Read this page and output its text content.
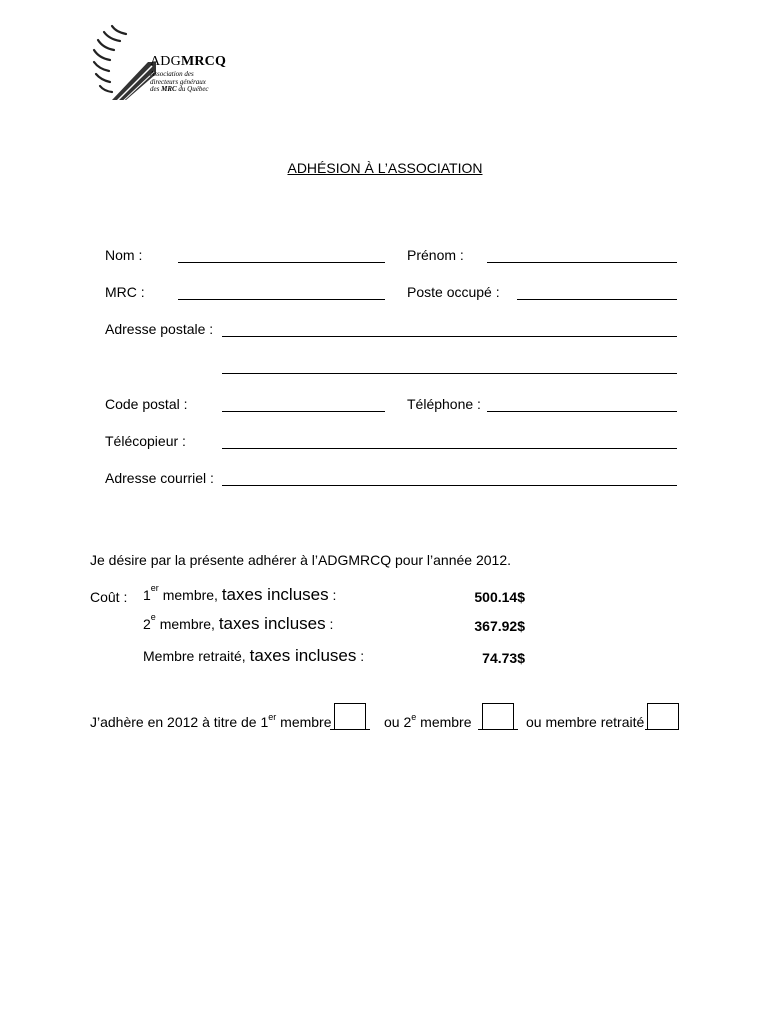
ADGMRCQ
Association des
directeurs généraux
des MRC du Québec
ADHÉSION À L’ASSOCIATION
Nom :	Prénom :
MRC :	Poste occupé :
Adresse postale :
Code postal :	Téléphone :
Télécopieur :
Adresse courriel :
Je désire par la présente adhérer à l’ADGMRCQ pour l’année 2012.
Coût : 1er membre, taxes incluses :	500.14$
2e membre, taxes incluses :	367.92$
Membre retraité, taxes incluses :	74.73$
J’adhère en 2012 à titre de 1er membre	ou 2e membre	ou membre retraité
